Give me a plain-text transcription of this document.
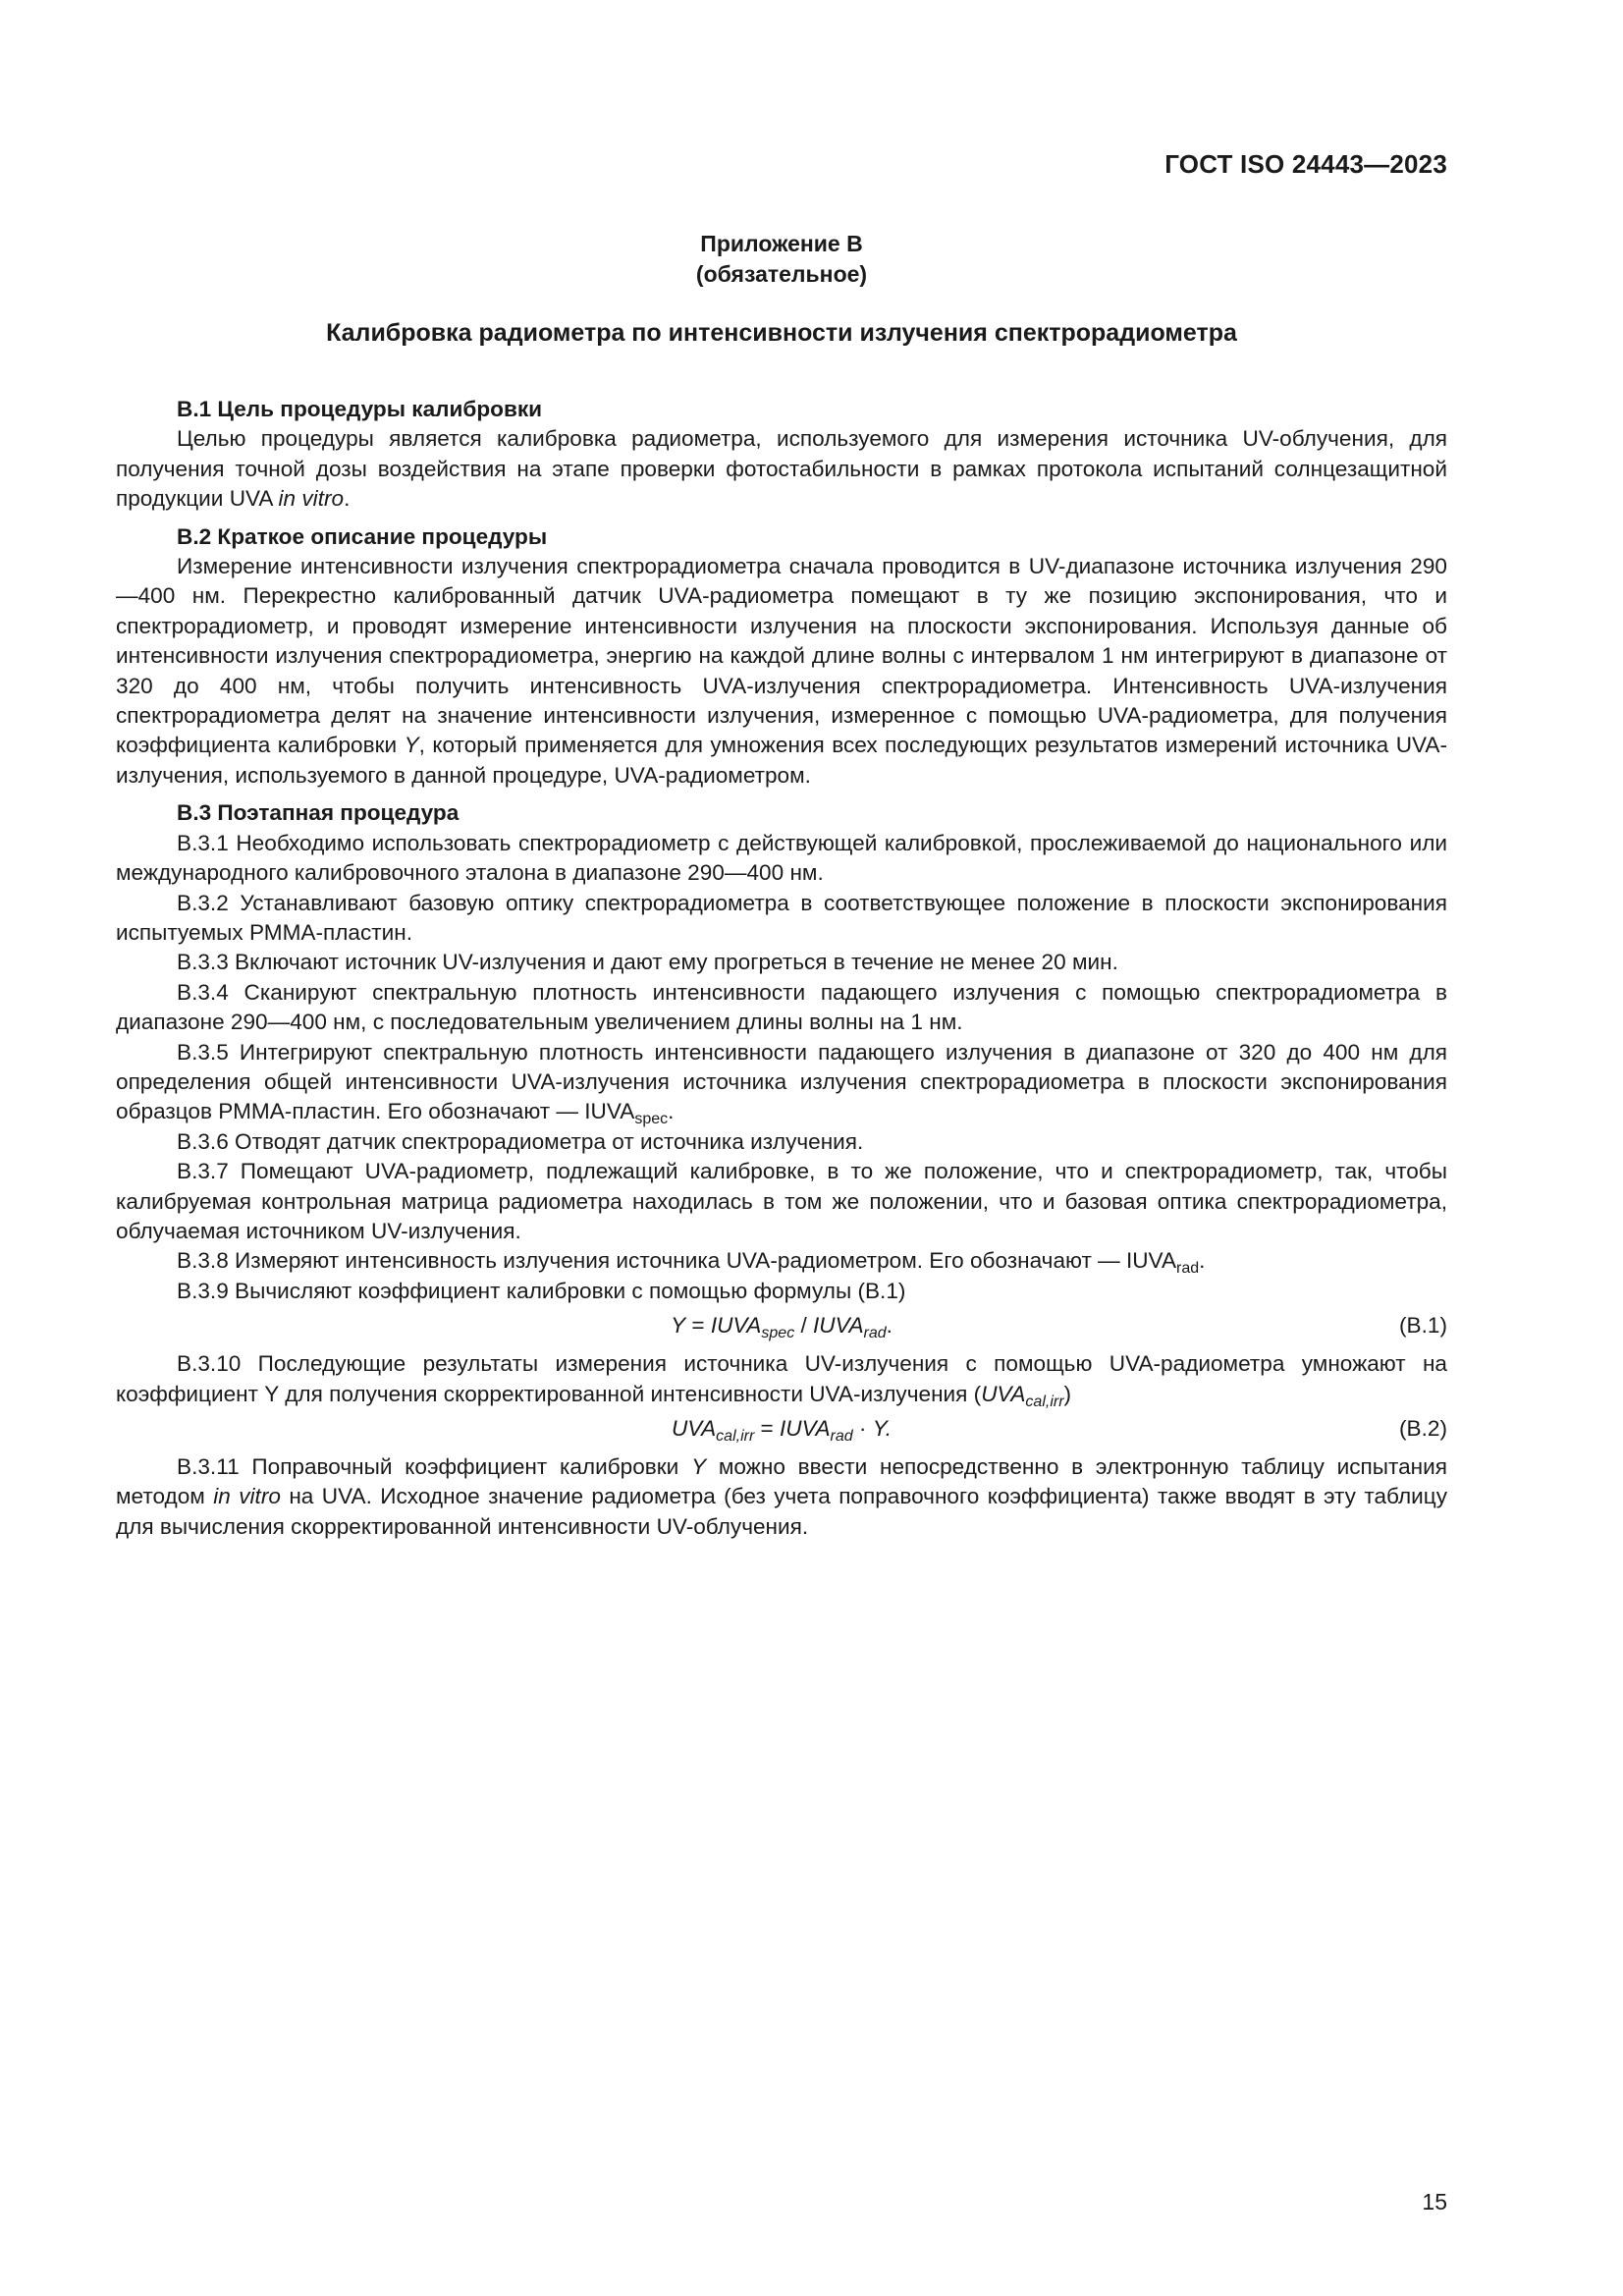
ГОСТ ISO 24443—2023
Приложение В
(обязательное)
Калибровка радиометра по интенсивности излучения спектрорадиометра

В.1 Цель процедуры калибровки

Целью процедуры является калибровка радиометра, используемого для измерения источника UV-облучения, для получения точной дозы воздействия на этапе проверки фотостабильности в рамках протокола испытаний солнцезащитной продукции UVA in vitro.

В.2 Краткое описание процедуры

Измерение интенсивности излучения спектрорадиометра сначала проводится в UV-диапазоне источника излучения 290—400 нм. Перекрестно калиброванный датчик UVA-радиометра помещают в ту же позицию экспонирования, что и спектрорадиометр, и проводят измерение интенсивности излучения на плоскости экспонирования. Используя данные об интенсивности излучения спектрорадиометра, энергию на каждой длине волны с интервалом 1 нм интегрируют в диапазоне от 320 до 400 нм, чтобы получить интенсивность UVA-излучения спектрорадиометра. Интенсивность UVA-излучения спектрорадиометра делят на значение интенсивности излучения, измеренное с помощью UVA-радиометра, для получения коэффициента калибровки Y, который применяется для умножения всех последующих результатов измерений источника UVA-излучения, используемого в данной процедуре, UVA-радиометром.

В.3 Поэтапная процедура

В.3.1 Необходимо использовать спектрорадиометр с действующей калибровкой, прослеживаемой до национального или международного калибровочного эталона в диапазоне 290—400 нм.

В.3.2 Устанавливают базовую оптику спектрорадиометра в соответствующее положение в плоскости экспонирования испытуемых РММА-пластин.

В.3.3 Включают источник UV-излучения и дают ему прогреться в течение не менее 20 мин.

В.3.4 Сканируют спектральную плотность интенсивности падающего излучения с помощью спектрорадиометра в диапазоне 290—400 нм, с последовательным увеличением длины волны на 1 нм.

В.3.5 Интегрируют спектральную плотность интенсивности падающего излучения в диапазоне от 320 до 400 нм для определения общей интенсивности UVA-излучения источника излучения спектрорадиометра в плоскости экспонирования образцов РММА-пластин. Его обозначают — $IUVA_{spec}$.

В.3.6 Отводят датчик спектрорадиометра от источника излучения.

В.3.7 Помещают UVA-радиометр, подлежащий калибровке, в то же положение, что и спектрорадиометр, так, чтобы калибруемая контрольная матрица радиометра находилась в том же положении, что и базовая оптика спектрорадиометра, облучаемая источником UV-излучения.

В.3.8 Измеряют интенсивность излучения источника UVA-радиометром. Его обозначают — $IUVA_{rad}$.

В.3.9 Вычисляют коэффициент калибровки с помощью формулы (В.1)

$Y = IUVA_{spec}$ / $IUVA_{rad}$.	(В.1)

В.3.10 Последующие результаты измерения источника UV-излучения с помощью UVA-радиометра умножают на коэффициент Y для получения скорректированной интенсивности UVA-излучения $(UVA_{cal,irr})$

$UVA_{cal,irr}$ = $IUVA_{rad} \cdot Y$.	(В.2)

В.3.11 Поправочный коэффициент калибровки Y можно ввести непосредственно в электронную таблицу испытания методом in vitro на UVA. Исходное значение радиометра (без учета поправочного коэффициента) также вводят в эту таблицу для вычисления скорректированной интенсивности UV-облучения.

15
